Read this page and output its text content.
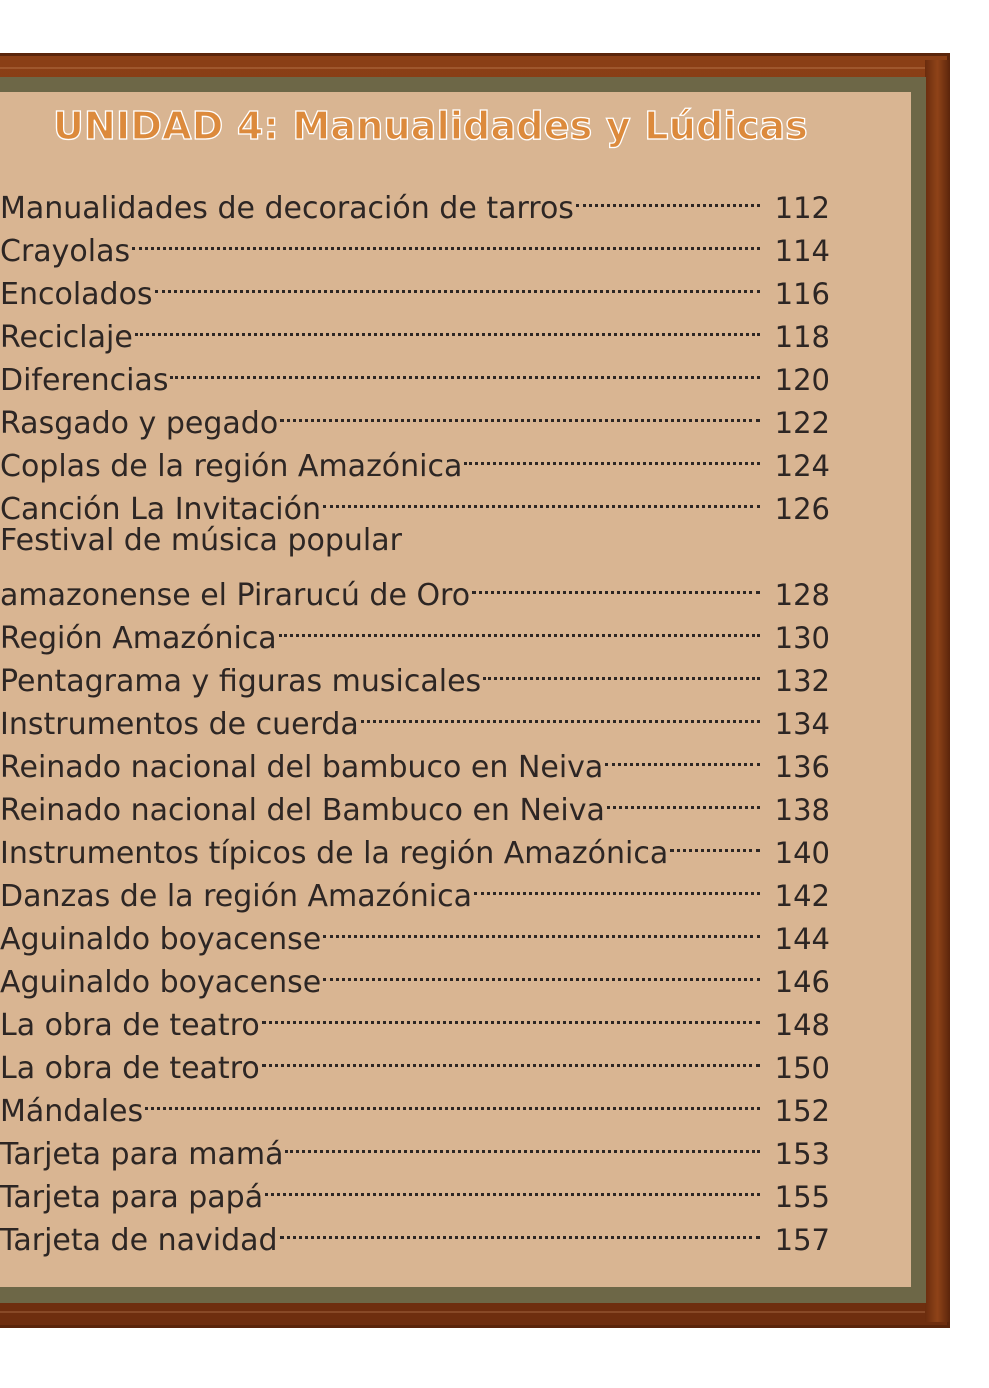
UNIDAD 4: Manualidades y Lúdicas
Manualidades de decoración de tarros	112
Crayolas	114
Encolados	116
Reciclaje	118
Diferencias	120
Rasgado y pegado	122
Coplas de la región Amazónica	124
Canción La Invitación	126
Festival de música popular
amazonense el Pirarucú de Oro	128
Región Amazónica	130
Pentagrama y figuras musicales	132
Instrumentos de cuerda	134
Reinado nacional del bambuco en Neiva	136
Reinado nacional del Bambuco en Neiva	138
Instrumentos típicos de la región Amazónica	140
Danzas de la región Amazónica	142
Aguinaldo boyacense	144
Aguinaldo boyacense	146
La obra de teatro	148
La obra de teatro	150
Mándales	152
Tarjeta para mamá	153
Tarjeta para papá	155
Tarjeta de navidad	157
